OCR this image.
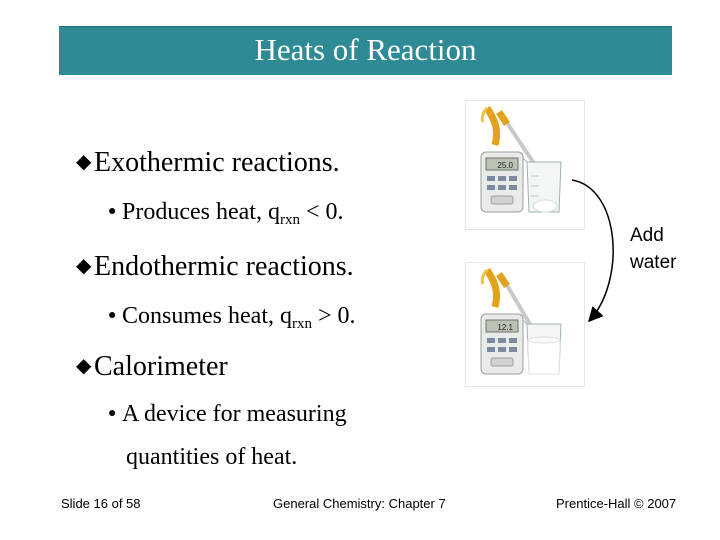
Heats of Reaction
◆Exothermic reactions.
● Produces heat, $q_{rxn} < 0$.
◆Endothermic reactions.
● Consumes heat, $q_{rxn} > 0$.
◆Calorimeter
● A device for measuring
quantities of heat.
25.0
12.1
Add
water
Slide 16 of 58	General Chemistry: Chapter 7	Prentice-Hall © 2007
